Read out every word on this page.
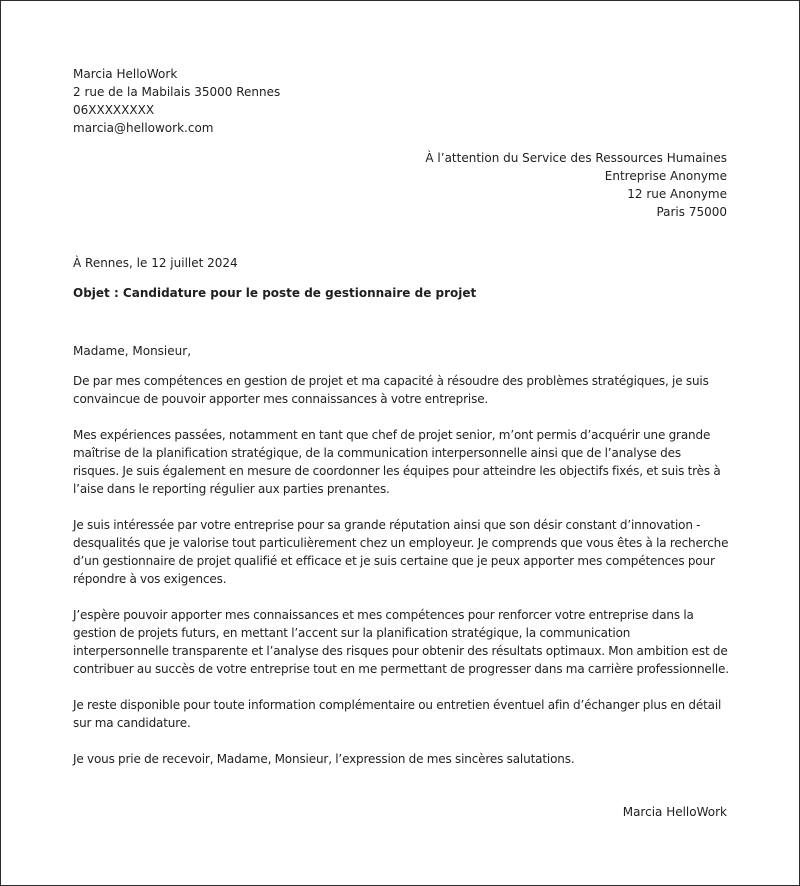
Marcia HelloWork
2 rue de la Mabilais 35000 Rennes
06XXXXXXXX
marcia@hellowork.com
À l’attention du Service des Ressources Humaines
Entreprise Anonyme
12 rue Anonyme
Paris 75000
À Rennes, le 12 juillet 2024
Objet : Candidature pour le poste de gestionnaire de projet
Madame, Monsieur,

De par mes compétences en gestion de projet et ma capacité à résoudre des problèmes stratégiques, je suis convaincue de pouvoir apporter mes connaissances à votre entreprise.

Mes expériences passées, notamment en tant que chef de projet senior, m’ont permis d’acquérir une grande maîtrise de la planification stratégique, de la communication interpersonnelle ainsi que de l’analyse des risques. Je suis également en mesure de coordonner les équipes pour atteindre les objectifs fixés, et suis très à l’aise dans le reporting régulier aux parties prenantes.

Je suis intéressée par votre entreprise pour sa grande réputation ainsi que son désir constant d’innovation - desqualités que je valorise tout particulièrement chez un employeur. Je comprends que vous êtes à la recherche d’un gestionnaire de projet qualifié et efficace et je suis certaine que je peux apporter mes compétences pour répondre à vos exigences.

J’espère pouvoir apporter mes connaissances et mes compétences pour renforcer votre entreprise dans la gestion de projets futurs, en mettant l’accent sur la planification stratégique, la communication interpersonnelle transparente et l’analyse des risques pour obtenir des résultats optimaux. Mon ambition est de contribuer au succès de votre entreprise tout en me permettant de progresser dans ma carrière professionnelle.

Je reste disponible pour toute information complémentaire ou entretien éventuel afin d’échanger plus en détail sur ma candidature.

Je vous prie de recevoir, Madame, Monsieur, l’expression de mes sincères salutations.

Marcia HelloWork
